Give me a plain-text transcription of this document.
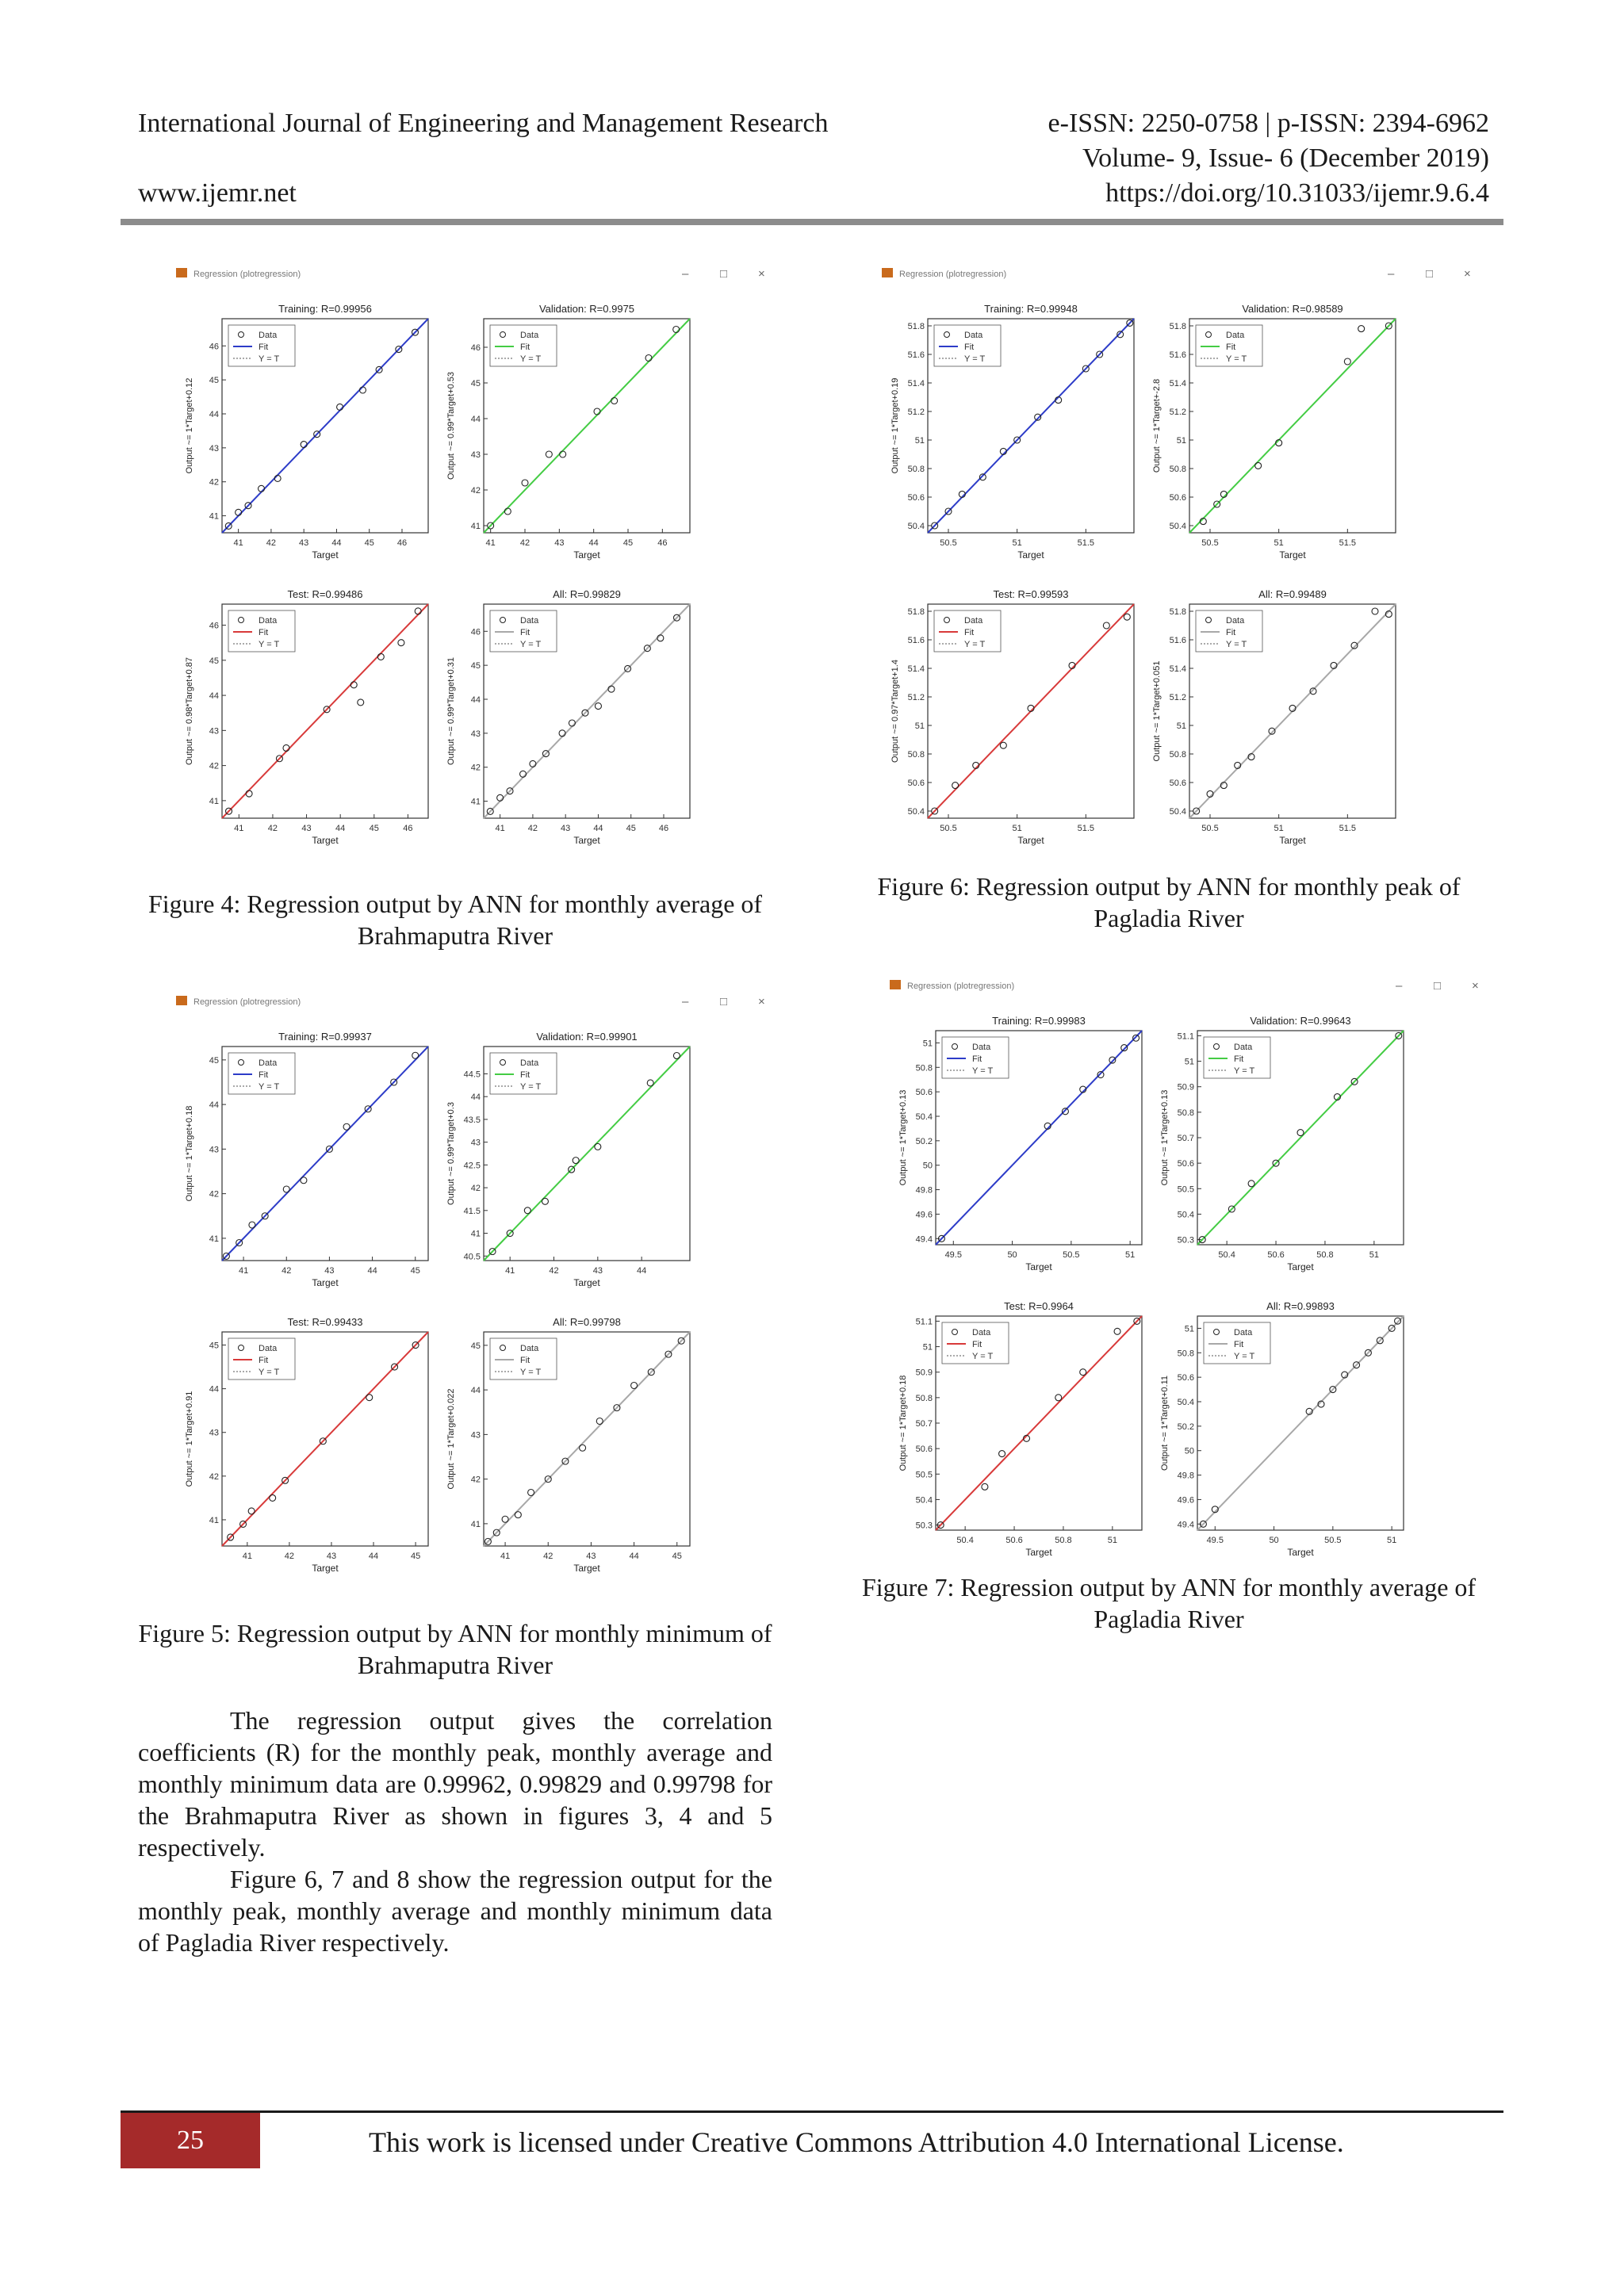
International Journal of Engineering and Management Research
www.ijemr.net
e-ISSN: 2250-0758 | p-ISSN: 2394-6962
Volume- 9, Issue- 6 (December 2019)
https://doi.org/10.31033/ijemr.9.6.4
Regression (plotregression)	–	□	×
Training: R=0.99956
41	42	43	44	45	46
41
42
43
44
45
46
Target
Output ~= 1*Target+0.12
Data
Fit
Y = T
Validation: R=0.9975
41	42	43	44	45	46
41
42
43
44
45
46
Target
Output ~= 0.99*Target+0.53
Data
Fit
Y = T
Test: R=0.99486
41	42	43	44	45	46
41
42
43
44
45
46
Target
Output ~= 0.98*Target+0.87
Data
Fit
Y = T
All: R=0.99829
41	42	43	44	45	46
41
42
43
44
45
46
Target
Output ~= 0.99*Target+0.31
Data
Fit
Y = T
Figure 4: Regression output by ANN for monthly average of Brahmaputra River
Regression (plotregression)	–	□	×
Training: R=0.99948
50.5	51	51.5
50.4
50.6
50.8
51
51.2
51.4
51.6
51.8
Target
Output ~= 1*Target+0.19
Data
Fit
Y = T
Validation: R=0.98589
50.5	51	51.5
50.4
50.6
50.8
51
51.2
51.4
51.6
51.8
Target
Output ~= 1*Target+-2.8
Data
Fit
Y = T
Test: R=0.99593
50.5	51	51.5
50.4
50.6
50.8
51
51.2
51.4
51.6
51.8
Target
Output ~= 0.97*Target+1.4
Data
Fit
Y = T
All: R=0.99489
50.5	51	51.5
50.4
50.6
50.8
51
51.2
51.4
51.6
51.8
Target
Output ~= 1*Target+0.051
Data
Fit
Y = T
Figure 6: Regression output by ANN for monthly peak of Pagladia River
Regression (plotregression)	–	□	×
Training: R=0.99937
41	42	43	44	45
41
42
43
44
45
Target
Output ~= 1*Target+0.18
Data
Fit
Y = T
Validation: R=0.99901
41	42	43	44
40.5
41
41.5
42
42.5
43
43.5
44
44.5
Target
Output ~= 0.99*Target+0.3
Data
Fit
Y = T
Test: R=0.99433
41	42	43	44	45
41
42
43
44
45
Target
Output ~= 1*Target+0.91
Data
Fit
Y = T
All: R=0.99798
41	42	43	44	45
41
42
43
44
45
Target
Output ~= 1*Target+0.022
Data
Fit
Y = T
Figure 5: Regression output by ANN for monthly minimum of Brahmaputra River
Regression (plotregression)	–	□	×
Training: R=0.99983
49.5	50	50.5	51
49.4
49.6
49.8
50
50.2
50.4
50.6
50.8
51
Target
Output ~= 1*Target+0.13
Data
Fit
Y = T
Validation: R=0.99643
50.4	50.6	50.8	51
50.3
50.4
50.5
50.6
50.7
50.8
50.9
51
51.1
Target
Output ~= 1*Target+0.13
Data
Fit
Y = T
Test: R=0.9964
50.4	50.6	50.8	51
50.3
50.4
50.5
50.6
50.7
50.8
50.9
51
51.1
Target
Output ~= 1*Target+0.18
Data
Fit
Y = T
All: R=0.99893
49.5	50	50.5	51
49.4
49.6
49.8
50
50.2
50.4
50.6
50.8
51
Target
Output ~= 1*Target+0.11
Data
Fit
Y = T
Figure 7: Regression output by ANN for monthly average of Pagladia River

The regression output gives the correlation coefficients (R) for the monthly peak, monthly average and monthly minimum data are 0.99962, 0.99829 and 0.99798 for the Brahmaputra River as shown in figures 3, 4 and 5 respectively.

Figure 6, 7 and 8 show the regression output for the monthly peak, monthly average and monthly minimum data of Pagladia River respectively.

25	This work is licensed under Creative Commons Attribution 4.0 International License.
